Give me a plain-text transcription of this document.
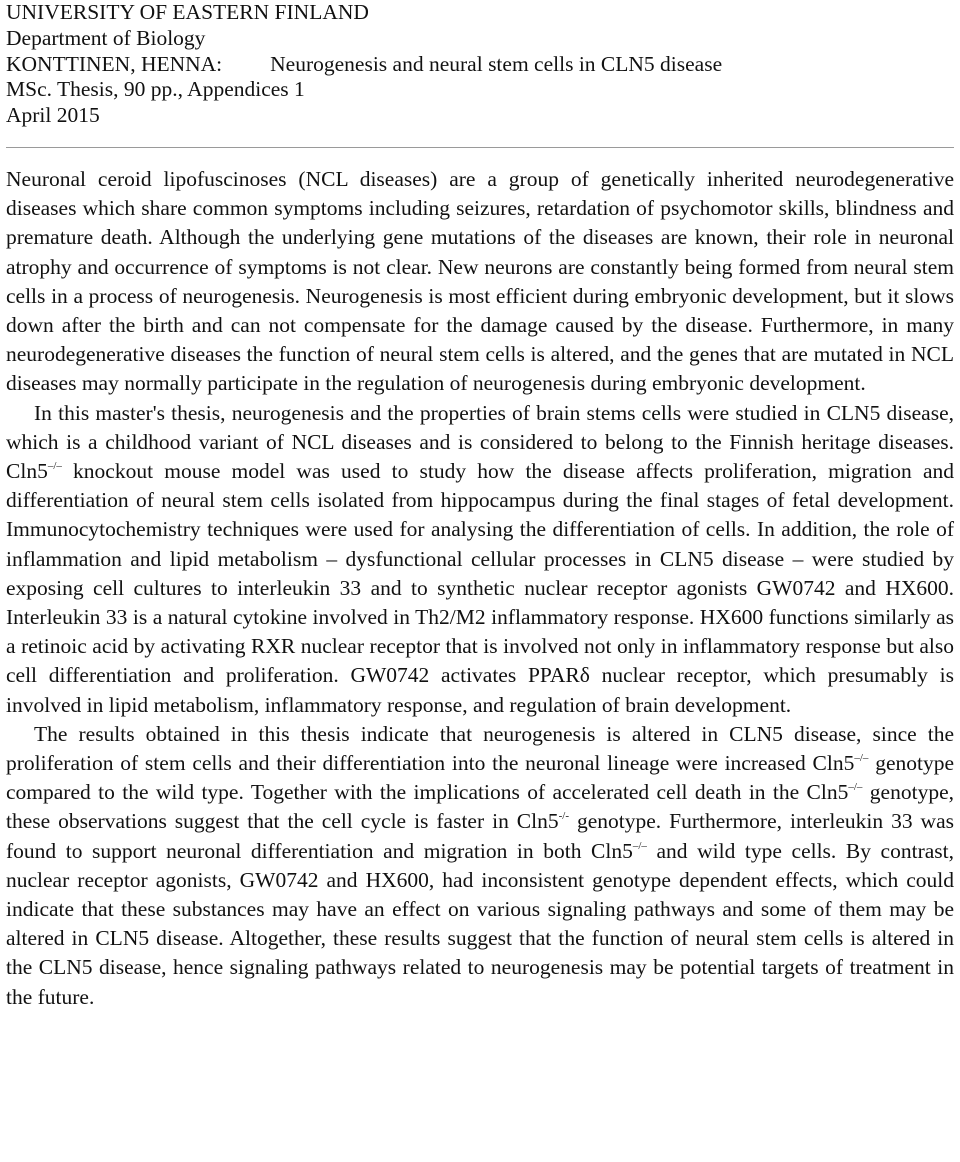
UNIVERSITY OF EASTERN FINLAND
Department of Biology
KONTTINEN, HENNA: Neurogenesis and neural stem cells in CLN5 disease
MSc. Thesis, 90 pp., Appendices 1
April 2015

Neuronal ceroid lipofuscinoses (NCL diseases) are a group of genetically inherited neurodegenerative diseases which share common symptoms including seizures, retardation of psychomotor skills, blindness and premature death. Although the underlying gene mutations of the diseases are known, their role in neuronal atrophy and occurrence of symptoms is not clear. New neurons are constantly being formed from neural stem cells in a process of neurogenesis. Neurogenesis is most efficient during embryonic development, but it slows down after the birth and can not compensate for the damage caused by the disease. Furthermore, in many neurodegenerative diseases the function of neural stem cells is altered, and the genes that are mutated in NCL diseases may normally participate in the regulation of neurogenesis during embryonic development.

In this master's thesis, neurogenesis and the properties of brain stems cells were studied in CLN5 disease, which is a childhood variant of NCL diseases and is considered to belong to the Finnish heritage diseases. Cln5–/– knockout mouse model was used to study how the disease affects proliferation, migration and differentiation of neural stem cells isolated from hippocampus during the final stages of fetal development. Immunocytochemistry techniques were used for analysing the differentiation of cells. In addition, the role of inflammation and lipid metabolism – dysfunctional cellular processes in CLN5 disease – were studied by exposing cell cultures to interleukin 33 and to synthetic nuclear receptor agonists GW0742 and HX600. Interleukin 33 is a natural cytokine involved in Th2/M2 inflammatory response. HX600 functions similarly as a retinoic acid by activating RXR nuclear receptor that is involved not only in inflammatory response but also cell differentiation and proliferation. GW0742 activates PPARδ nuclear receptor, which presumably is involved in lipid metabolism, inflammatory response, and regulation of brain development.

The results obtained in this thesis indicate that neurogenesis is altered in CLN5 disease, since the proliferation of stem cells and their differentiation into the neuronal lineage were increased Cln5–/– genotype compared to the wild type. Together with the implications of accelerated cell death in the Cln5–/– genotype, these observations suggest that the cell cycle is faster in Cln5-/- genotype. Furthermore, interleukin 33 was found to support neuronal differentiation and migration in both Cln5–/– and wild type cells. By contrast, nuclear receptor agonists, GW0742 and HX600, had inconsistent genotype dependent effects, which could indicate that these substances may have an effect on various signaling pathways and some of them may be altered in CLN5 disease. Altogether, these results suggest that the function of neural stem cells is altered in the CLN5 disease, hence signaling pathways related to neurogenesis may be potential targets of treatment in the future.
